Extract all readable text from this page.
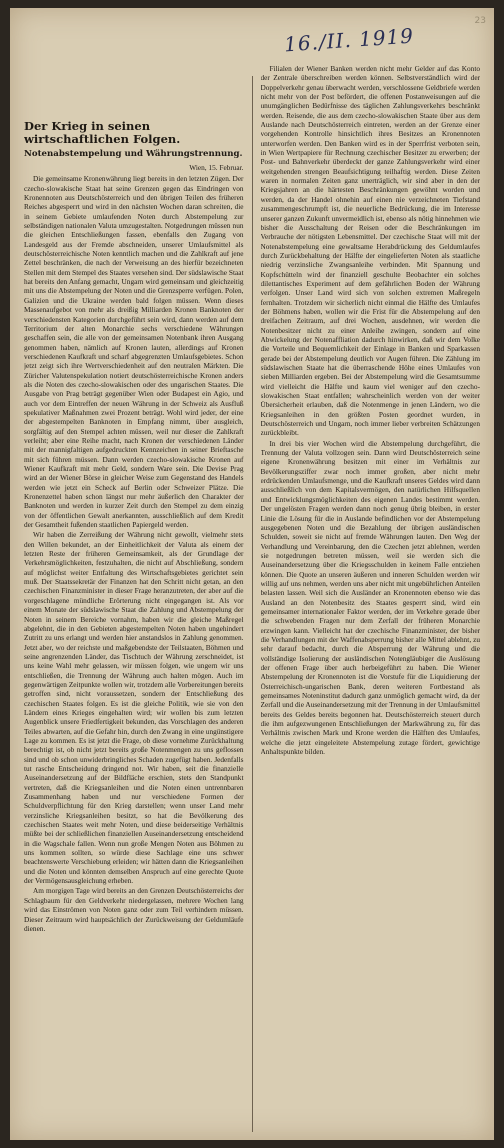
23
16./II. 1919
Der Krieg in seinen wirtschaftlichen Folgen.
Notenabstempelung und Währungstrennung.
Wien, 15. Februar.

Die gemeinsame Kronenwährung liegt bereits in den letzten Zügen. Der czecho-slowakische Staat hat seine Grenzen gegen das Eindringen von Kronennoten aus Deutschösterreich und den übrigen Teilen des früheren Reiches abgesperrt und wird in den nächsten Wochen daran schreiten, die in seinem Gebiete umlaufenden Noten durch Abstempelung zur selbständigen nationalen Valuta umzugestalten. Notgedrungen müssen nun die gleichen Entschließungen fassen, ebenfalls den Zugang von Landesgeld aus der Fremde abschneiden, unserer Umlaufsmittel als deutschösterreichische Noten kenntlich machen und die Zahlkraft auf jene Zettel beschränken, die nach der Verweisung an des hierfür bezeichneten Stellen mit dem Stempel des Staates versehen sind. Der südslawische Staat hat bereits den Anfang gemacht, Ungarn wird gemeinsam und gleichzeitig mit uns die Abstempelung der Noten und die Grenzsperre verfügen. Polen, Galizien und die Ukraine werden bald folgen müssen. Wenn dieses Massenaufgebot von mehr als dreißig Milliarden Kronen Banknoten der verschiedensten Kategorien durchgeführt sein wird, dann werden auf dem Territorium der alten Monarchie sechs verschiedene Währungen geschaffen sein, die alle von der gemeinsamen Notenbank ihren Ausgang genommen haben, nämlich auf Kronen lauten, allerdings auf Kronen verschiedenen Kaufkraft und scharf abgegrenzten Umlaufsgebietes. Schon jetzt zeigt sich ihre Wertverschiedenheit auf den neutralen Märkten. Die Züricher Valutenspekulation notiert deutschösterreichische Kronen anders als die Noten des czecho-slowakischen oder des ungarischen Staates. Die Ausgabe von Prag beträgt gegenüber Wien oder Budapest ein Agio, und auch vor dem Eintreffen der neuen Währung in der Schweiz als Ausfluß spekulativer Maßnahmen zwei Prozent beträgt. Wohl wird jeder, der eine der abgestempelten Banknoten in Empfang nimmt, über ausgleich, sorgfältig auf den Stempel achten müssen, weil nur dieser die Zahlkraft verleiht; aber eine Reihe macht, nach Kronen der verschiedenen Länder mit der mannigfaltigen aufgedruckten Kennzeichen in seiner Brieftasche mit sich führen müssen. Dann werden czecho-slowakische Kronen auf Wiener Kaufkraft mit mehr Geld, sondern Ware sein. Die Devise Prag wird an der Wiener Börse in gleicher Weise zum Gegenstand des Handels werden wie jetzt ein Scheck auf Berlin oder Schweizer Plätze. Die Kronenzettel haben schon längst nur mehr äußerlich den Charakter der Banknoten und werden in kurzer Zeit durch den Stempel zu dem einzig von der öffentlichen Gewalt anerkannten, ausschließlich auf dem Kredit der Gesamtheit fußenden staatlichen Papiergeld werden.

Wir haben die Zerreißung der Währung nicht gewollt, vielmehr stets den Willen bekundet, an der Einheitlichkeit der Valuta als einem der letzten Reste der früheren Gemeinsamkeit, als der Grundlage der Verkehrsmöglichkeiten, festzuhalten, die nicht auf Abschließung, sondern auf möglichst weiter Entfaltung des Wirtschaftsgebietes gerichtet sein muß. Der Staatssekretär der Finanzen hat den Schritt nicht getan, an den czechischen Finanzminister in dieser Frage heranzutreten, der aber auf die vorgeschlagene mündliche Erörterung nicht eingegangen ist. Als vor einem Monate der südslawische Staat die Zahlung und Abstempelung der Noten in seinem Bereiche vornahm, haben wir die gleiche Maßregel abgelehnt, die in den Gebieten abgestempelten Noten haben ungehindert Zutritt zu uns erlangt und werden hier anstandslos in Zahlung genommen. Jetzt aber, wo der reichste und maßgebendste der Teilstaaten, Böhmen und seine angrenzenden Länder, das Tischtuch der Währung zerschneidet, ist uns keine Wahl mehr gelassen, wir müssen folgen, wie ungern wir uns entschließen, die Trennung der Währung auch halten mögen. Auch im gegenwärtigen Zeitpunkte wollen wir, trotzdem alle Vorbereitungen bereits getroffen sind, nicht voraussetzen, sondern der Entschließung des czechischen Staates folgen. Es ist die gleiche Politik, wie sie von den Ländern eines Krieges eingehalten wird; wir wollen bis zum letzten Augenblick unsere Friedfertigkeit bekunden, das Vorschlagen des anderen Teiles abwarten, auf die Gefahr hin, durch den Zwang in eine ungünstigere Lage zu kommen. Es ist jetzt die Frage, ob diese vornehme Zurückhaltung berechtigt ist, ob nicht jetzt bereits große Notenmengen zu uns geflossen sind und ob schon unwiderbringliches Schaden zugefügt haben. Jedenfalls tut rasche Entscheidung dringend not. Wir haben, seit die finanzielle Auseinandersetzung auf der Bildfläche erschien, stets den Standpunkt vertreten, daß die Kriegsanleihen und die Noten einen untrennbaren Zusammenhang haben und nur verschiedene Formen der Schuldverpflichtung für den Krieg darstellen; wenn unser Land mehr verzinsliche Kriegsanleihen besitzt, so hat die Bevölkerung des czechischen Staates weit mehr Noten, und diese beiderseitige Verhältnis müßte bei der schließlichen finanziellen Auseinandersetzung entscheidend in die Wagschale fallen. Wenn nun große Mengen Noten aus Böhmen zu uns kommen sollten, so würde diese Sachlage eine uns schwer beachtenswerte Verschiebung erleiden; wir hätten dann die Kriegsanleihen und die Noten und könnten demselben Anspruch auf eine gerechte Quote der Vermögensausgleichung erheben.

Am morgigen Tage wird bereits an den Grenzen Deutschösterreichs der Schlagbaum für den Geldverkehr niedergelassen, mehrere Wochen lang wird das Einströmen von Noten ganz oder zum Teil verhindern müssen. Dieser Zeitraum wird hauptsächlich der Zurückweisung der Geldumläufe dienen.

Filialen der Wiener Banken werden nicht mehr Gelder auf das Konto der Zentrale überschreiben werden können. Selbstverständlich wird der Doppelverkehr genau überwacht werden, verschlossene Geldbriefe werden nicht mehr von der Post befördert, die offenen Postanweisungen auf die unumgänglichen Bedürfnisse des täglichen Zahlungsverkehrs beschränkt werden. Reisende, die aus dem czecho-slowakischen Staate über aus dem Auslande nach Deutschösterreich eintreten, werden an der Grenze einer vorgehenden Kontrolle hinsichtlich ihres Besitzes an Kronennoten unterworfen werden. Den Banken wird es in der Sperrfrist verboten sein, in Wien Wertpapiere für Rechnung czechischer Besitzer zu erwerben; der Post- und Bahnverkehr überdeckt der ganze Zahlungsverkehr wird einer weitgehenden strengen Beaufsichtigung teilhaftig werden. Diese Zeiten waren in normalen Zeiten ganz unerträglich, wir sind aber in den der Kriegsjahren an die härtesten Beschränkungen gewöhnt worden und werden, da der Handel ohnehin auf einen nie verzeichneten Tiefstand zusammengeschrumpft ist, die neuerliche Bedrückung, die im Interesse unserer ganzen Zukunft unvermeidlich ist, ebenso als nötig hinnehmen wie bisher die Ausschaltung der Reisen oder die Beschränkungen im Verbrauche der nötigsten Lebensmittel. Der czechische Staat will mit der Notenabstempelung eine gewaltsame Herabdrückung des Geldumlaufes durch Zurückbehaltung der Hälfte der eingelieferten Noten als staatliche niedrig verzinsliche Zwangsanleihe verbinden. Mit Spannung und Kopfschütteln wird der finanziell geschulte Beobachter ein solches dilettantisches Experiment auf dem gefährlichen Boden der Währung verfolgen. Unser Land wird sich von solchen extremen Maßregeln fernhalten. Trotzdem wir sicherlich nicht einmal die Hälfte des Umlaufes der Böhmens haben, wollen wir die Frist für die Abstempelung auf den dreifachen Zeitraum, auf drei Wochen, ausdehnen, wir werden die Notenbesitzer nicht zu einer Anleihe zwingen, sondern auf eine Abwickelung der Notenaffliation dadurch hinwirken, daß wir dem Volke die Vorteile und Bequemlichkeit der Einlage in Banken und Sparkassen gerade bei der Abstempelung deutlich vor Augen führen. Die Zählung im südslawischen Staate hat die überraschende Höhe eines Umlaufes von sieben Milliarden ergeben. Bei der Abstempelung wird die Gesamtsumme wird vielleicht die Hälfte und kaum viel weniger auf den czecho-slowakischen Staat entfallen; wahrscheinlich werden von der weiter Übersicherheit erlauben, daß die Notenmenge in jenen Ländern, wo die Kriegsanleihen in den größten Posten geordnet wurden, in Deutschösterreich und Ungarn, noch immer lieber verbreiten Schätzungen zurückbleibt.

In drei bis vier Wochen wird die Abstempelung durchgeführt, die Trennung der Valuta vollzogen sein. Dann wird Deutschösterreich seine eigene Kronenwährung besitzen mit einer im Verhältnis zur Bevölkerungsziffer zwar noch immer großen, aber nicht mehr erdrückenden Umlaufsmenge, und die Kaufkraft unseres Geldes wird dann ausschließlich von dem Kapitalsvermögen, den natürlichen Hilfsquellen und Entwicklungsmöglichkeiten des eigenen Landes bestimmt werden. Der ungelösten Fragen werden dann noch genug übrig bleiben, in erster Linie die Lösung für die in Auslande befindlichen vor der Abstempelung ausgegebenen Noten und die Bezahlung der übrigen ausländischen Schulden, soweit sie nicht auf fremde Währungen lauten. Den Weg der Verhandlung und Vereinbarung, den die Czechen jetzt ablehnen, werden sie notgedrungen betreten müssen, weil sie werden sich die Auseinandersetzung über die Kriegsschulden in keinem Falle entziehen können. Die Quote an unseren äußeren und inneren Schulden werden wir willig auf uns nehmen, werden uns aber nicht mit ungebührlichen Anteilen belasten lassen. Weil sich die Ausländer an Kronennoten ebenso wie das Ausland an den Notenbesitz des Staates gesperrt sind, wird ein gemeinsamer internationaler Faktor werden, der im Verkehre gerade über die schwebenden Fragen nur dem Zerfall der früheren Monarchie erzwingen kann. Vielleicht hat der czechische Finanzminister, der bisher die Verhandlungen mit der Waffenabsperrung bisher alle Mittel ablehnt, zu sehr darauf bedacht, durch die Absperrung der Währung und die vollständige Isolierung der ausländischen Notengläubiger die Auslösung der offenen Frage über auch herbeigeführt zu haben. Die Wiener Abstempelung der Kronennoten ist die Vorstufe für die Liquidierung der Österreichisch-ungarischen Bank, deren weiteren Fortbestand als gemeinsames Noteninstitut dadurch ganz unmöglich gemacht wird, da der Zerfall und die Auseinandersetzung mit der Trennung in der Umlaufsmittel bereits des Geldes bereits begonnen hat. Deutschösterreich steuert durch die ihm aufgezwungenen Entschließungen der Markwährung zu, für das Verhältnis zwischen Mark und Krone werden die Hälften des Umlaufes, welche die jetzt eingeleitete Abstempelung zutage fördert, gewichtige Anhaltspunkte bilden.
